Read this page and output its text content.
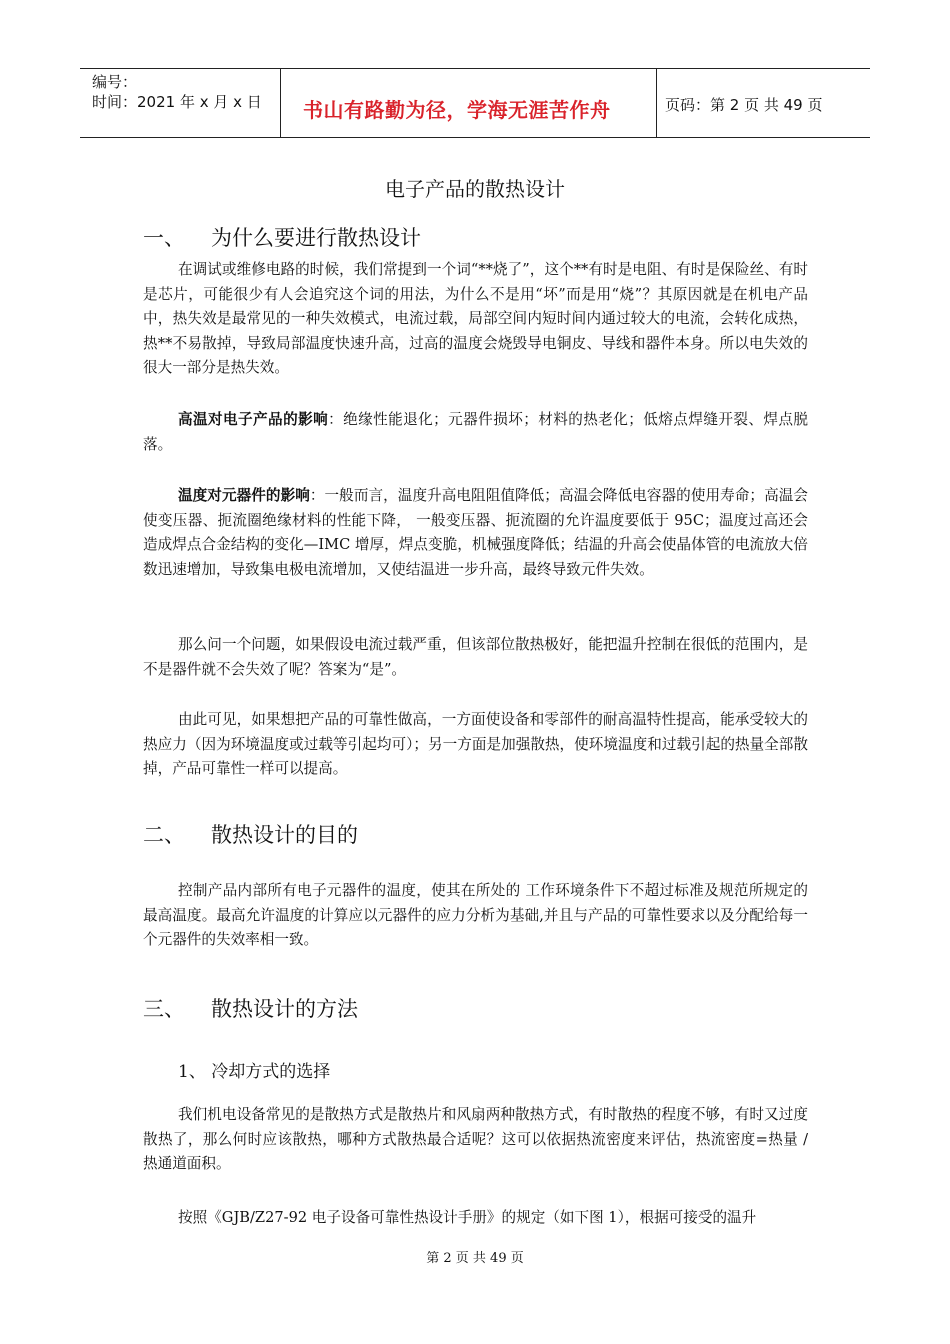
编号：
时间：2021 年 x 月 x 日 书山有路勤为径，学海无涯苦作舟	页码：第 2 页 共 49 页
电子产品的散热设计
一、 为什么要进行散热设计

在调试或维修电路的时候，我们常提到一个词“**烧了”，这个**有时是电阻、有时是保险丝、有时是芯片，可能很少有人会追究这个词的用法，为什么不是用“坏”而是用“烧”？其原因就是在机电产品中，热失效是最常见的一种失效模式，电流过载，局部空间内短时间内通过较大的电流，会转化成热，热**不易散掉，导致局部温度快速升高，过高的温度会烧毁导电铜皮、导线和器件本身。所以电失效的很大一部分是热失效。

高温对电子产品的影响：绝缘性能退化；元器件损坏；材料的热老化；低熔点焊缝开裂、焊点脱落。

温度对元器件的影响：一般而言，温度升高电阻阻值降低；高温会降低电容器的使用寿命；高温会使变压器、扼流圈绝缘材料的性能下降， 一般变压器、扼流圈的允许温度要低于 95C；温度过高还会造成焊点合金结构的变化—IMC 增厚，焊点变脆，机械强度降低；结温的升高会使晶体管的电流放大倍数迅速增加，导致集电极电流增加，又使结温进一步升高，最终导致元件失效。

那么问一个问题，如果假设电流过载严重，但该部位散热极好，能把温升控制在很低的范围内，是不是器件就不会失效了呢？答案为“是”。

由此可见，如果想把产品的可靠性做高，一方面使设备和零部件的耐高温特性提高，能承受较大的热应力（因为环境温度或过载等引起均可）；另一方面是加强散热，使环境温度和过载引起的热量全部散掉，产品可靠性一样可以提高。

二、 散热设计的目的

控制产品内部所有电子元器件的温度，使其在所处的 工作环境条件下不超过标准及规范所规定的最高温度。最高允许温度的计算应以元器件的应力分析为基础,并且与产品的可靠性要求以及分配给每一个元器件的失效率相一致。

三、 散热设计的方法
1、 冷却方式的选择

我们机电设备常见的是散热方式是散热片和风扇两种散热方式，有时散热的程度不够，有时又过度散热了，那么何时应该散热，哪种方式散热最合适呢？这可以依据热流密度来评估，热流密度=热量 / 热通道面积。

按照《GJB/Z27-92 电子设备可靠性热设计手册》的规定（如下图 1），根据可接受的温升

第 2 页 共 49 页
